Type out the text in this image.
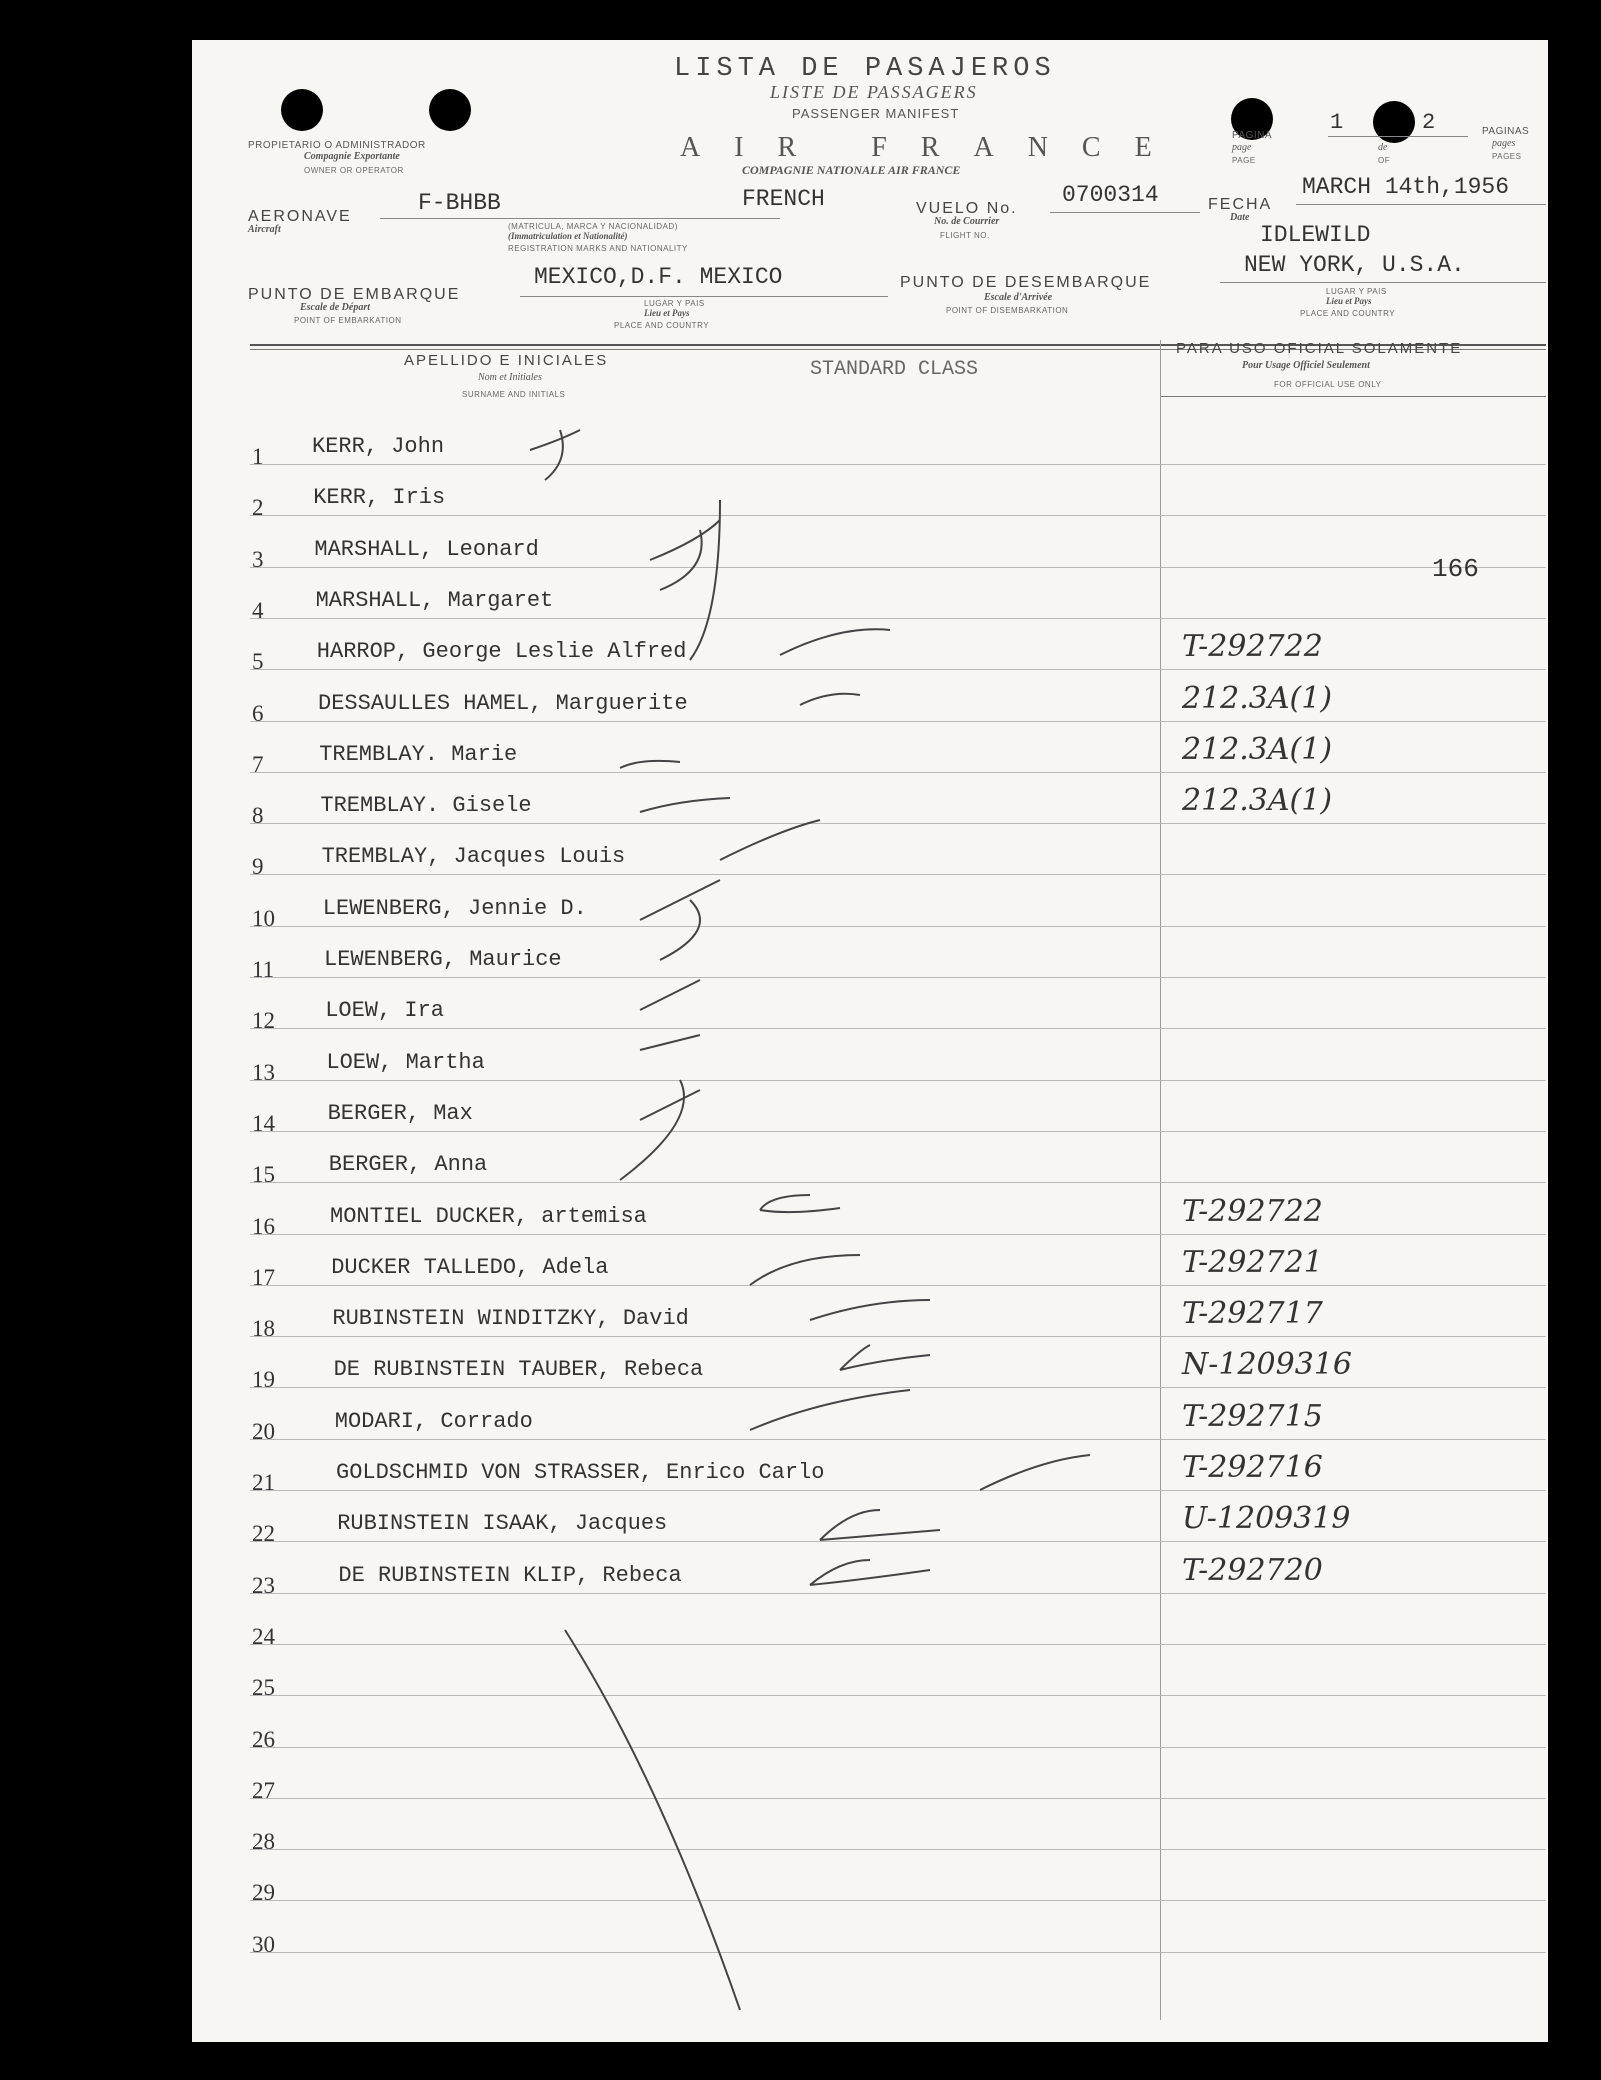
LISTA DE PASAJEROS
LISTE DE PASSAGERS
PASSENGER MANIFEST
AIR FRANCE
COMPAGNIE NATIONALE AIR FRANCE
PROPIETARIO O ADMINISTRADOR
Compagnie Exportante
OWNER OR OPERATOR
PAGINA
page
PAGE
1
de
OF
2	PAGINAS
pages
PAGES
AERONAVE
Aircraft
F-BHBB	FRENCH
(MATRICULA, MARCA Y NACIONALIDAD)
(Immatriculation et Nationalité)
REGISTRATION MARKS AND NATIONALITY
VUELO No.
No. de Courrier
FLIGHT NO.
0700314	FECHA
Date
MARCH 14th,1956
PUNTO DE EMBARQUE
Escale de Départ
POINT OF EMBARKATION
MEXICO,D.F. MEXICO
LUGAR Y PAIS
Lieu et Pays
PLACE AND COUNTRY
PUNTO DE DESEMBARQUE
Escale d'Arrivée
POINT OF DISEMBARKATION
IDLEWILD
NEW YORK, U.S.A.
LUGAR Y PAIS
Lieu et Pays
PLACE AND COUNTRY
APELLIDO E INICIALES
Nom et Initiales
SURNAME AND INITIALS
STANDARD CLASS
PARA USO OFICIAL SOLAMENTE
Pour Usage Officiel Seulement
FOR OFFICIAL USE ONLY
1	KERR, John
2	KERR, Iris
3	MARSHALL, Leonard
4	MARSHALL, Margaret
166
5	HARROP, George Leslie Alfred	T-292722
6	DESSAULLES HAMEL, Marguerite	212.3A(1)
7	TREMBLAY. Marie	212.3A(1)
8	TREMBLAY. Gisele	212.3A(1)
9	TREMBLAY, Jacques Louis
10	LEWENBERG, Jennie D.
11	LEWENBERG, Maurice
12	LOEW, Ira
13	LOEW, Martha
14	BERGER, Max
15	BERGER, Anna
16	MONTIEL DUCKER, artemisa	T-292722
17	DUCKER TALLEDO, Adela	T-292721
18	RUBINSTEIN WINDITZKY, David	T-292717
19	DE RUBINSTEIN TAUBER, Rebeca	N-1209316
20	MODARI, Corrado	T-292715
21	GOLDSCHMID VON STRASSER, Enrico Carlo	T-292716
22	RUBINSTEIN ISAAK, Jacques	U-1209319
23	DE RUBINSTEIN KLIP, Rebeca	T-292720
24
25
26
27
28
29
30
